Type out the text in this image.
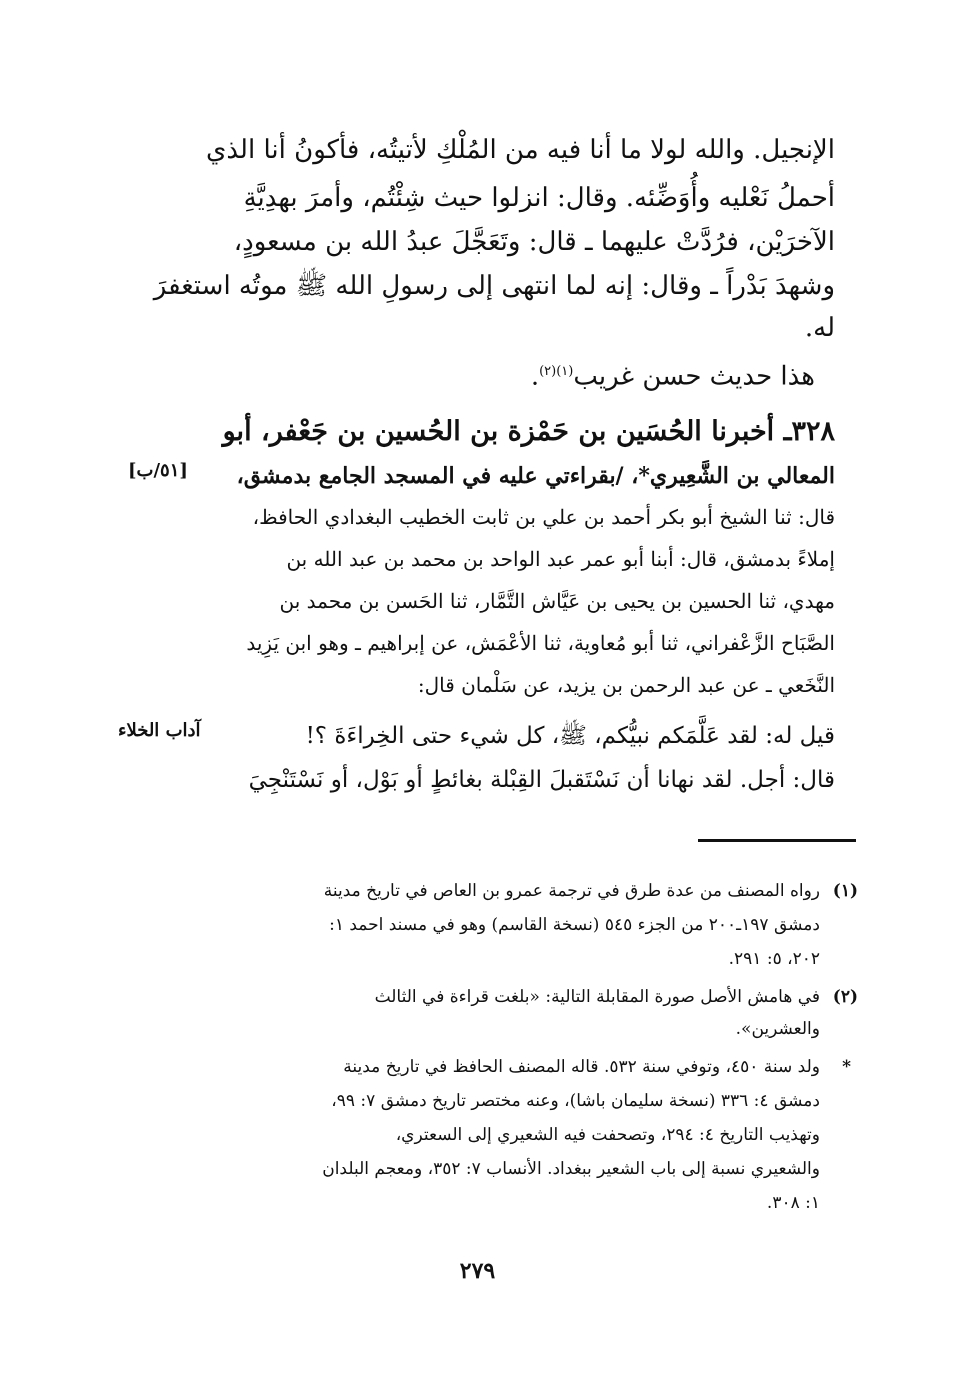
الإنجيل. والله لولا ما أنا فيه من المُلْكِ لأتيتُه، فأكونُ أنا الذي
أحملُ نَعْليه وأُوَضِّئه. وقال: انزلوا حيث شِئْتُم، وأمرَ بهدِيَّةِ
الآخرَيْن، فرُدَّتْ عليهما ـ قال: وتَعَجَّلَ عبدُ الله بن مسعودٍ،
وشهدَ بَدْراً ـ وقال: إنه لما انتهى إلى رسولِ الله ﷺ موتُه استغفرَ
له.
هذا حديث حسن غريب$^{(١)(٢)}$.
٣٢٨ـ أخبرنا الحُسَين بن حَمْزة بن الحُسين بن جَعْفر، أبو
المعالي بن الشَّعِيري*، /بقراءتي عليه في المسجد الجامع بدمشق،
قال: ثنا الشيخ أبو بكر أحمد بن علي بن ثابت الخطيب البغدادي الحافظ،
إملاءً بدمشق، قال: أبنا أبو عمر عبد الواحد بن محمد بن عبد الله بن
مهدي، ثنا الحسين بن يحيى بن عَيَّاش التَّمَّار، ثنا الحَسن بن محمد بن
الصَّبَاح الزَّعْفراني، ثنا أبو مُعاوية، ثنا الأعْمَش، عن إبراهيم ـ وهو ابن يَزِيد
النَّخَعي ـ عن عبد الرحمن بن يزيد، عن سَلْمان قال:
قيل له: لقد عَلَّمَكم نبيُّكم، ﷺ، كل شيء حتى الخِراءَةَ ؟!
قال: أجل. لقد نهانا أن نَسْتَقبلَ القِبْلة بغائطٍ أو بَوْل، أو نَسْتَنْجِيَ
[٥١/ب]
آداب الخلاء
(١)
رواه المصنف من عدة طرق في ترجمة عمرو بن العاص في تاريخ مدينة
دمشق ١٩٧ـ٢٠٠ من الجزء ٥٤٥ (نسخة القاسم) وهو في مسند احمد ١:
٢٠٢، ٥: ٢٩١.
(٢)
في هامش الأصل صورة المقابلة التالية: «بلغت قراءة في الثالث
والعشرين».
*
ولد سنة ٤٥٠، وتوفي سنة ٥٣٢. قاله المصنف الحافظ في تاريخ مدينة
دمشق ٤: ٣٣٦ (نسخة سليمان باشا)، وعنه مختصر تاريخ دمشق ٧: ٩٩،
وتهذيب التاريخ ٤: ٢٩٤، وتصحفت فيه الشعيري إلى السعتري،
والشعيري نسبة إلى باب الشعير ببغداد. الأنساب ٧: ٣٥٢، ومعجم البلدان
١: ٣٠٨.
٢٧٩
